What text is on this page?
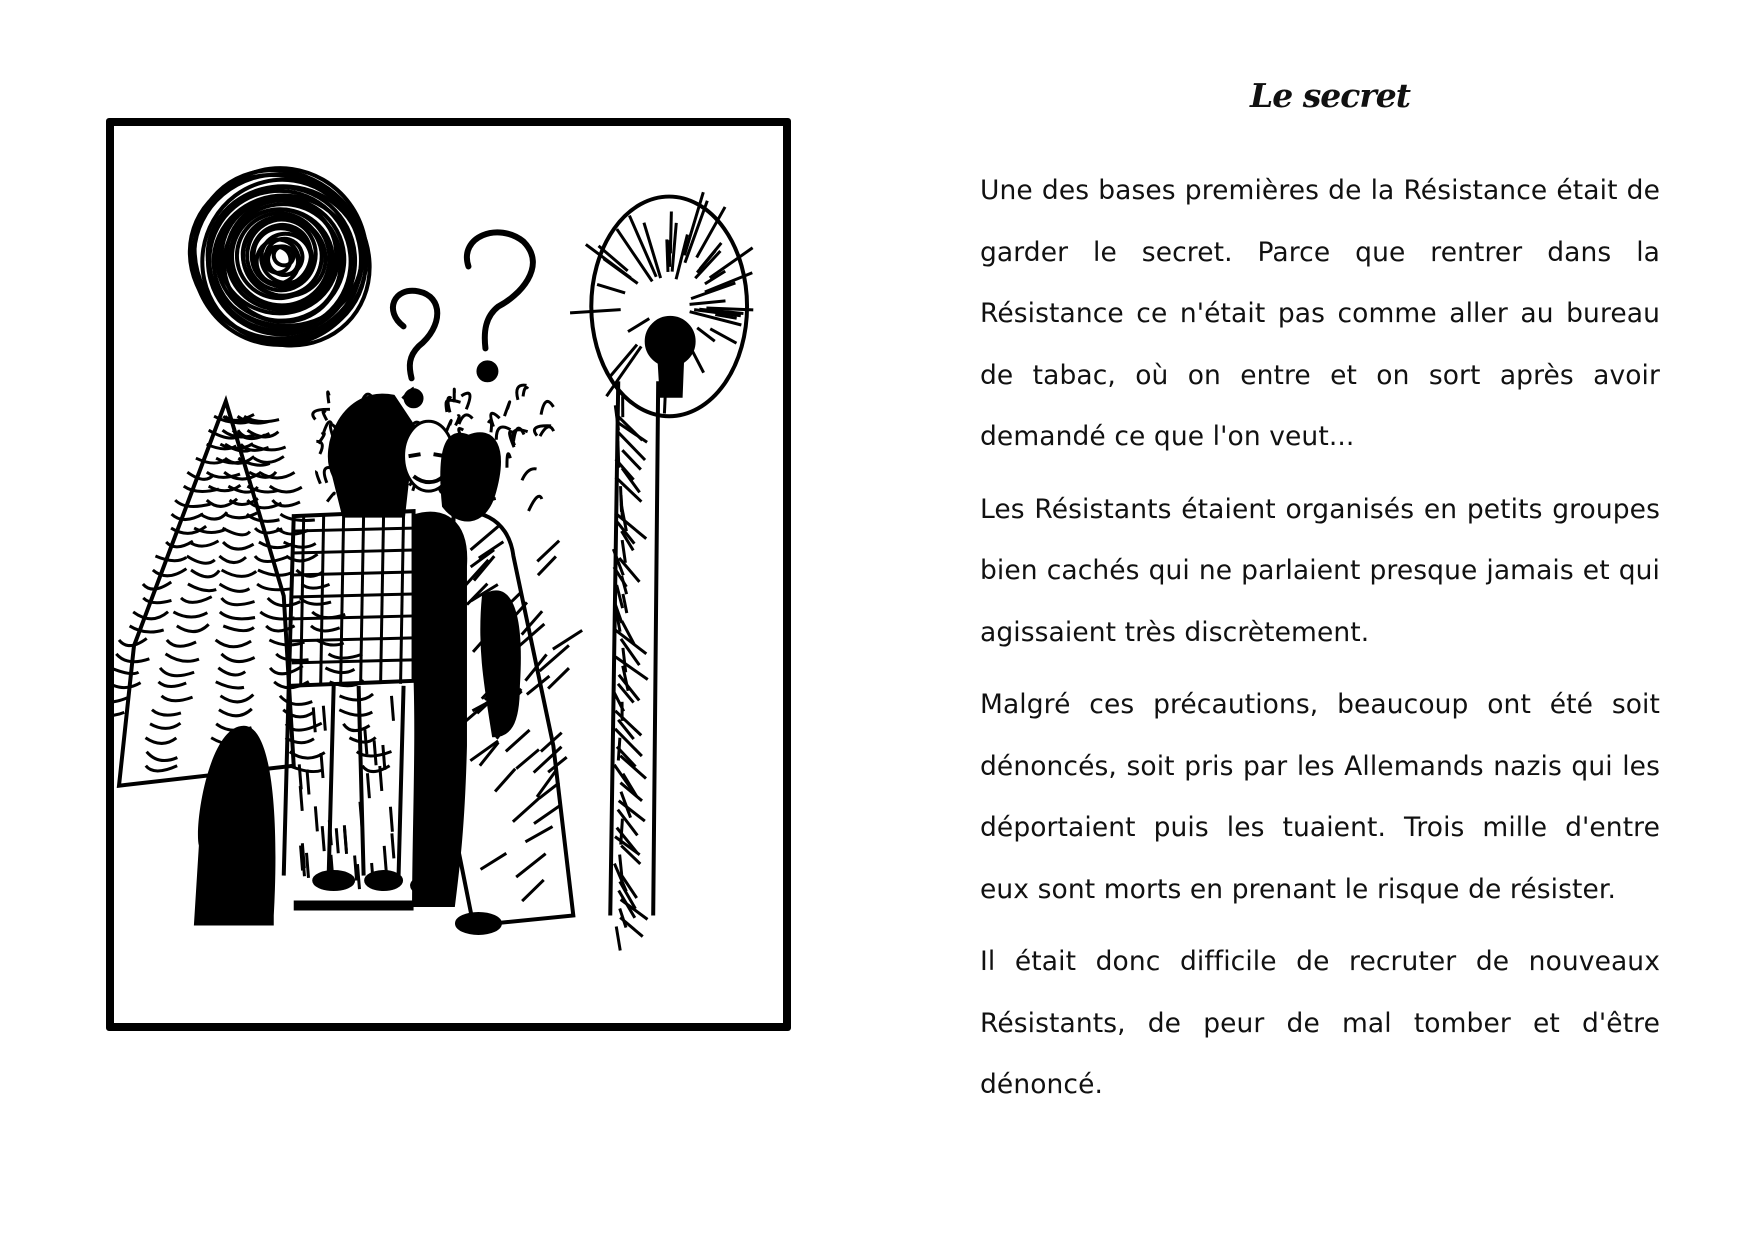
Le secret

Une des bases premières de la Résistance était de garder le secret. Parce que rentrer dans la Résistance ce n'était pas comme aller au bureau de tabac, où on entre et on sort après avoir demandé ce que l'on veut...

Les Résistants étaient organisés en petits groupes bien cachés qui ne parlaient presque jamais et qui agissaient très discrètement.

Malgré ces précautions, beaucoup ont été soit dénoncés, soit pris par les Allemands nazis qui les déportaient puis les tuaient. Trois mille d'entre eux sont morts en prenant le risque de résister.

Il était donc difficile de recruter de nouveaux Résistants, de peur de mal tomber et d'être dénoncé.
